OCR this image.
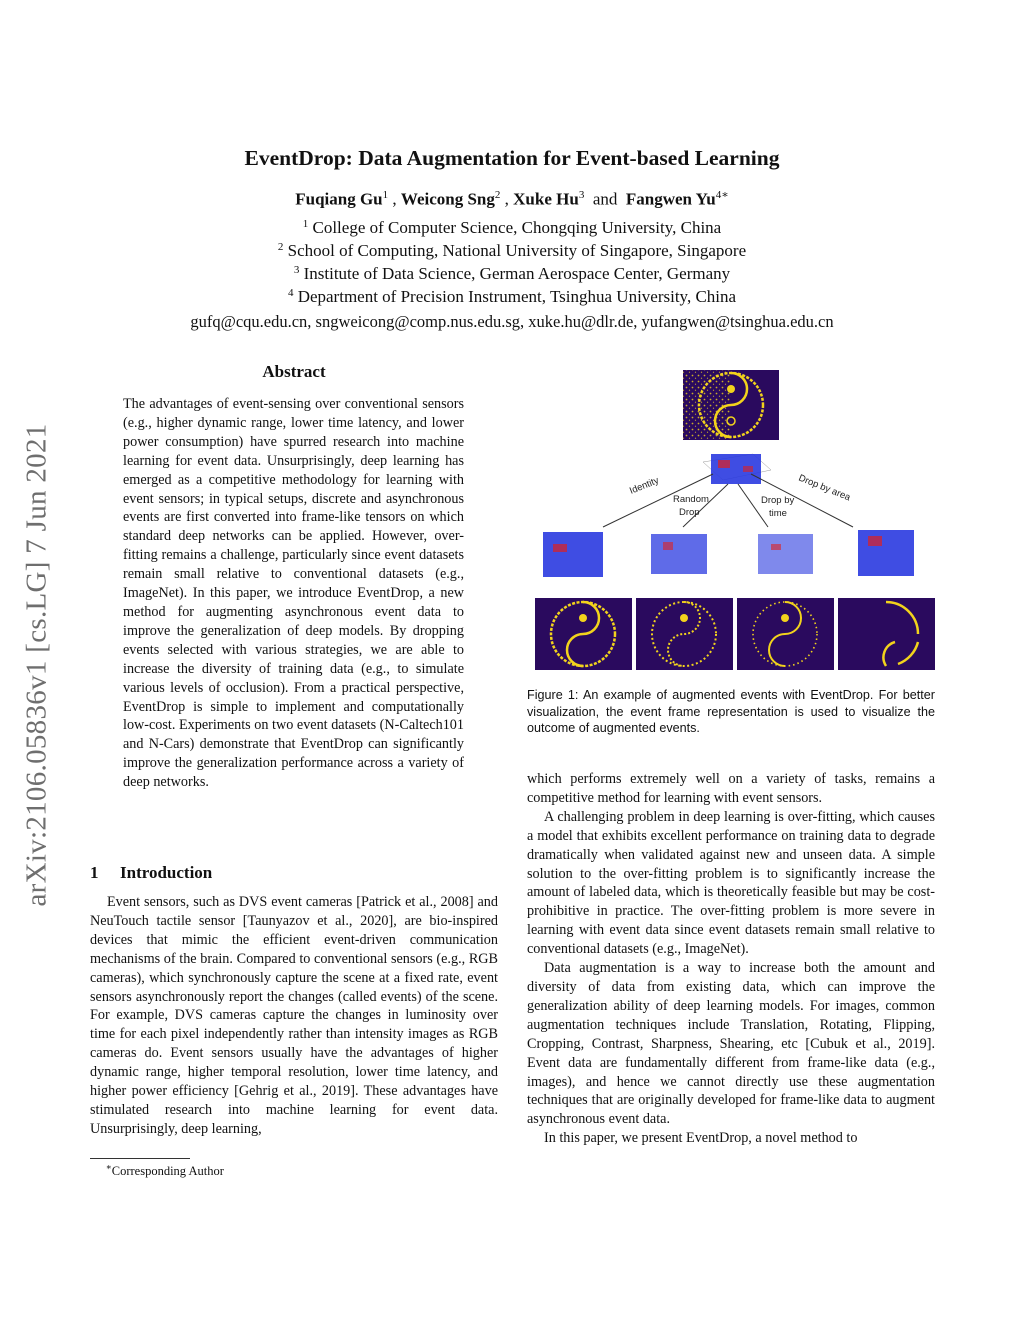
arXiv:2106.05836v1 [cs.LG] 7 Jun 2021
EventDrop: Data Augmentation for Event-based Learning
Fuqiang Gu$^1$ , Weicong Sng$^2$ , Xuke Hu$^3$ and Fangwen $Yu^{4∗}$
$^1$ College of Computer Science, Chongqing University, China
$^2$ School of Computing, National University of Singapore, Singapore
$^3$ Institute of Data Science, German Aerospace Center, Germany
$^4$ Department of Precision Instrument, Tsinghua University, China
gufq@cqu.edu.cn, sngweicong@comp.nus.edu.sg, xuke.hu@dlr.de, yufangwen@tsinghua.edu.cn
Abstract

The advantages of event-sensing over conventional sensors (e.g., higher dynamic range, lower time latency, and lower power consumption) have spurred research into machine learning for event data. Unsurprisingly, deep learning has emerged as a competitive methodology for learning with event sensors; in typical setups, discrete and asynchronous events are first converted into frame-like tensors on which standard deep networks can be applied. However, over-fitting remains a challenge, particularly since event datasets remain small relative to conventional datasets (e.g., ImageNet). In this paper, we introduce EventDrop, a new method for augmenting asynchronous event data to improve the generalization of deep models. By dropping events selected with various strategies, we are able to increase the diversity of training data (e.g., to simulate various levels of occlusion). From a practical perspective, EventDrop is simple to implement and computationally low-cost. Experiments on two event datasets (N-Caltech101 and N-Cars) demonstrate that EventDrop can significantly improve the generalization performance across a variety of deep networks.

1 Introduction

Event sensors, such as DVS event cameras [Patrick et al., 2008] and NeuTouch tactile sensor [Taunyazov et al., 2020], are bio-inspired devices that mimic the efficient event-driven communication mechanisms of the brain. Compared to conventional sensors (e.g., RGB cameras), which synchronously capture the scene at a fixed rate, event sensors asynchronously report the changes (called events) of the scene. For example, DVS cameras capture the changes in luminosity over time for each pixel independently rather than intensity images as RGB cameras do. Event sensors usually have the advantages of higher dynamic range, higher temporal resolution, lower time latency, and higher power efficiency [Gehrig et al., 2019]. These advantages have stimulated research into machine learning for event data. Unsurprisingly, deep learning,

∗Corresponding Author
Identity
Random
Drop
Drop by
time
Drop by area
Figure 1: An example of augmented events with EventDrop. For better visualization, the event frame representation is used to visualize the outcome of augmented events.

which performs extremely well on a variety of tasks, remains a competitive method for learning with event sensors.

A challenging problem in deep learning is over-fitting, which causes a model that exhibits excellent performance on training data to degrade dramatically when validated against new and unseen data. A simple solution to the over-fitting problem is to significantly increase the amount of labeled data, which is theoretically feasible but may be cost-prohibitive in practice. The over-fitting problem is more severe in learning with event data since event datasets remain small relative to conventional datasets (e.g., ImageNet).

Data augmentation is a way to increase both the amount and diversity of data from existing data, which can improve the generalization ability of deep learning models. For images, common augmentation techniques include Translation, Rotating, Flipping, Cropping, Contrast, Sharpness, Shearing, etc [Cubuk et al., 2019]. Event data are fundamentally different from frame-like data (e.g., images), and hence we cannot directly use these augmentation techniques that are originally developed for frame-like data to augment asynchronous event data.

In this paper, we present EventDrop, a novel method to
